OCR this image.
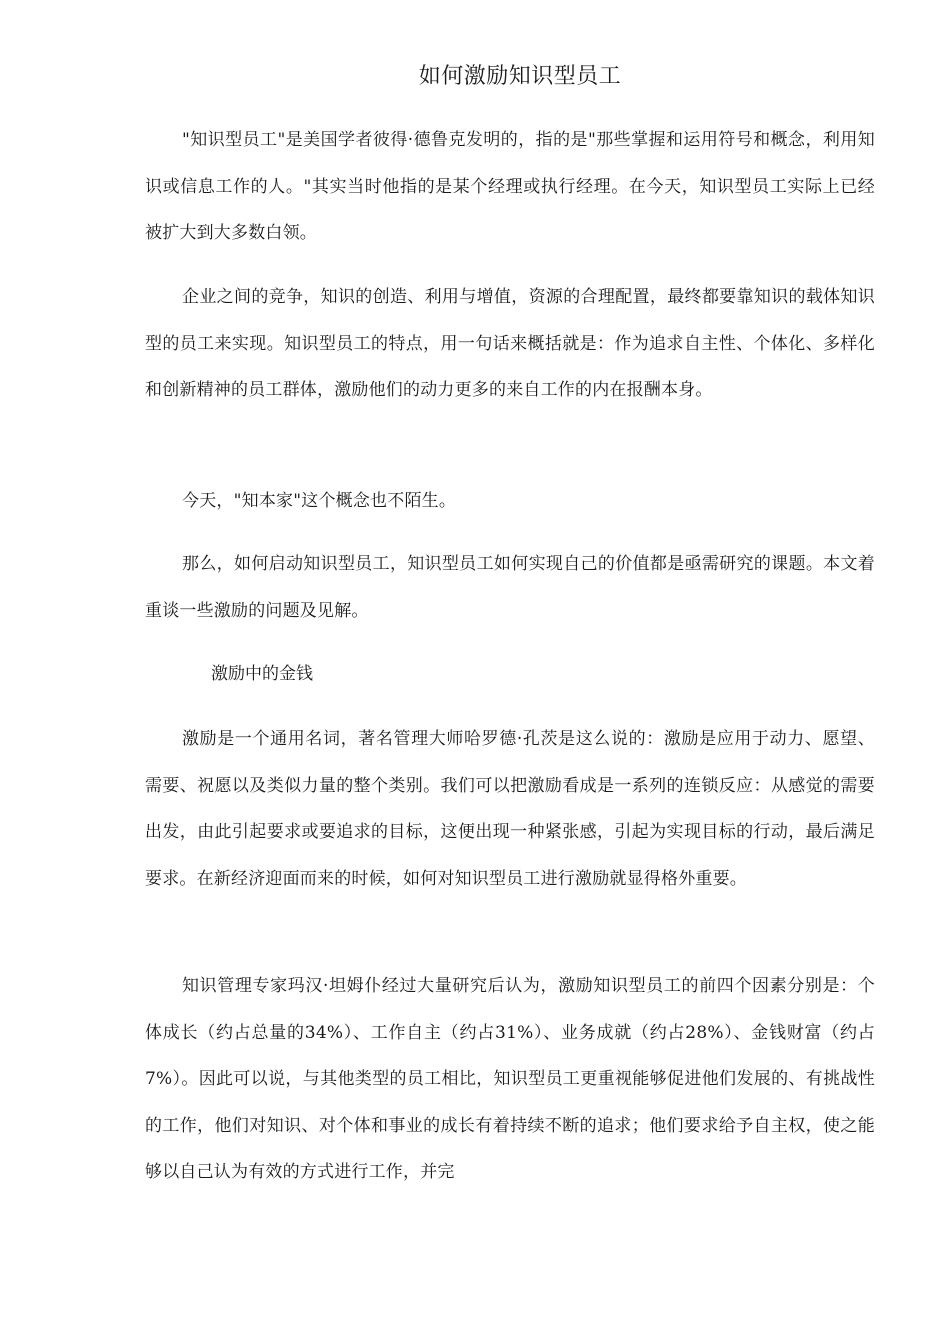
如何激励知识型员工

"知识型员工"是美国学者彼得·德鲁克发明的，指的是"那些掌握和运用符号和概念，利用知识或信息工作的人。"其实当时他指的是某个经理或执行经理。在今天，知识型员工实际上已经被扩大到大多数白领。

企业之间的竞争，知识的创造、利用与增值，资源的合理配置，最终都要靠知识的载体知识型的员工来实现。知识型员工的特点，用一句话来概括就是：作为追求自主性、个体化、多样化和创新精神的员工群体，激励他们的动力更多的来自工作的内在报酬本身。

今天，"知本家"这个概念也不陌生。

那么，如何启动知识型员工，知识型员工如何实现自己的价值都是亟需研究的课题。本文着重谈一些激励的问题及见解。

激励中的金钱

激励是一个通用名词，著名管理大师哈罗德·孔茨是这么说的：激励是应用于动力、愿望、需要、祝愿以及类似力量的整个类别。我们可以把激励看成是一系列的连锁反应：从感觉的需要出发，由此引起要求或要追求的目标，这便出现一种紧张感，引起为实现目标的行动，最后满足要求。在新经济迎面而来的时候，如何对知识型员工进行激励就显得格外重要。

知识管理专家玛汉·坦姆仆经过大量研究后认为，激励知识型员工的前四个因素分别是：个体成长（约占总量的34%）、工作自主（约占31%）、业务成就（约占28%）、金钱财富（约占7%）。因此可以说，与其他类型的员工相比，知识型员工更重视能够促进他们发展的、有挑战性的工作，他们对知识、对个体和事业的成长有着持续不断的追求；他们要求给予自主权，使之能够以自己认为有效的方式进行工作，并完
